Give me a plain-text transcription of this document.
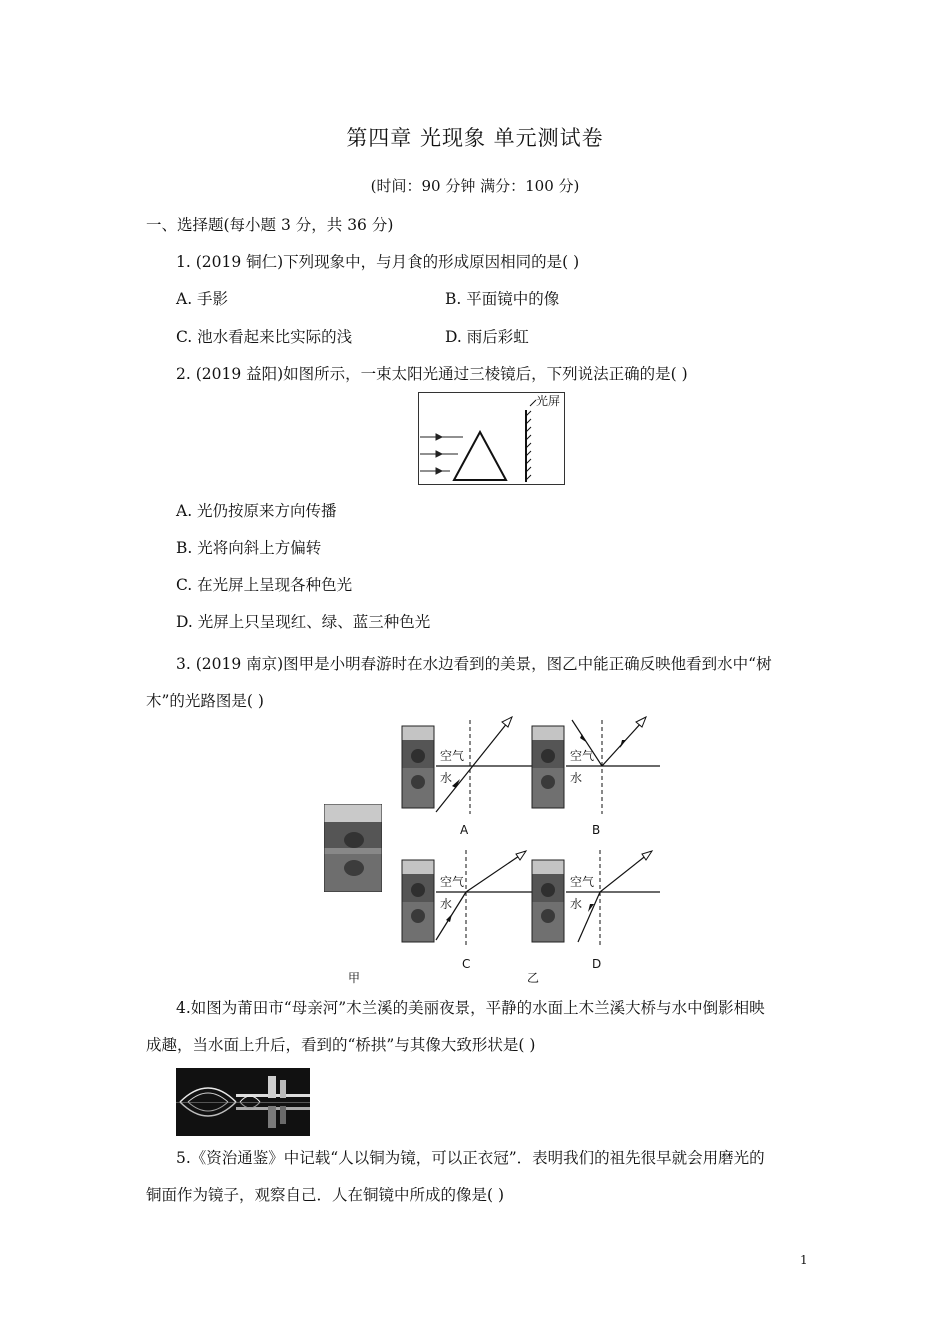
第四章 光现象 单元测试卷
(时间：90 分钟 满分：100 分)
一、选择题(每小题 3 分，共 36 分)
1. (2019 铜仁)下列现象中，与月食的形成原因相同的是( )
A. 手影	B. 平面镜中的像
C. 池水看起来比实际的浅	D. 雨后彩虹
2. (2019 益阳)如图所示，一束太阳光通过三棱镜后，下列说法正确的是( )
光屏
A. 光仍按原来方向传播
B. 光将向斜上方偏转
C. 在光屏上呈现各种色光
D. 光屏上只呈现红、绿、蓝三种色光
3. (2019 南京)图甲是小明春游时在水边看到的美景，图乙中能正确反映他看到水中“树
木”的光路图是( )
空气
水
A
空气
水
B
空气
水
C
空气
水
D
甲	乙
4.如图为莆田市“母亲河”木兰溪的美丽夜景，平静的水面上木兰溪大桥与水中倒影相映
成趣，当水面上升后，看到的“桥拱”与其像大致形状是( )
5.《资治通鉴》中记载“人以铜为镜，可以正衣冠”．表明我们的祖先很早就会用磨光的
铜面作为镜子，观察自己．人在铜镜中所成的像是( )
1
